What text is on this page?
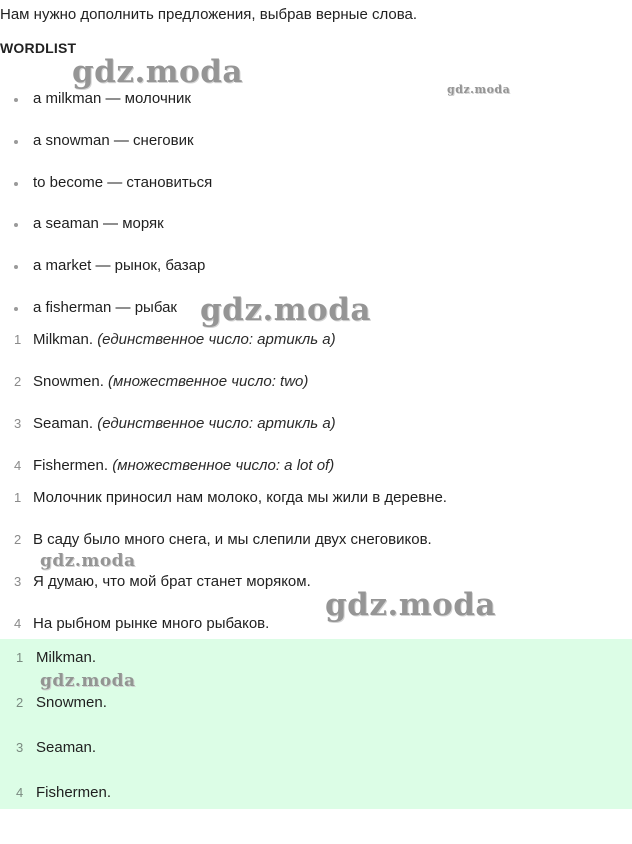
Нам нужно дополнить предложения, выбрав верные слова.
WORDLIST
a milkman — молочник
a snowman — снеговик
to become — становиться
a seaman — моряк
a market — рынок, базар
a fisherman — рыбак
1 Milkman. (единственное число: артикль a)
2 Snowmen. (множественное число: two)
3 Seaman. (единственное число: артикль a)
4 Fishermen. (множественное число: a lot of)
1 Молочник приносил нам молоко, когда мы жили в деревне.
2 В саду было много снега, и мы слепили двух снеговиков.
3 Я думаю, что мой брат станет моряком.
4 На рыбном рынке много рыбаков.
1 Milkman.
2 Snowmen.
3 Seaman.
4 Fishermen.
gdz.moda	gdz.moda
gdz.moda
gdz.moda
gdz.moda
gdz.moda
